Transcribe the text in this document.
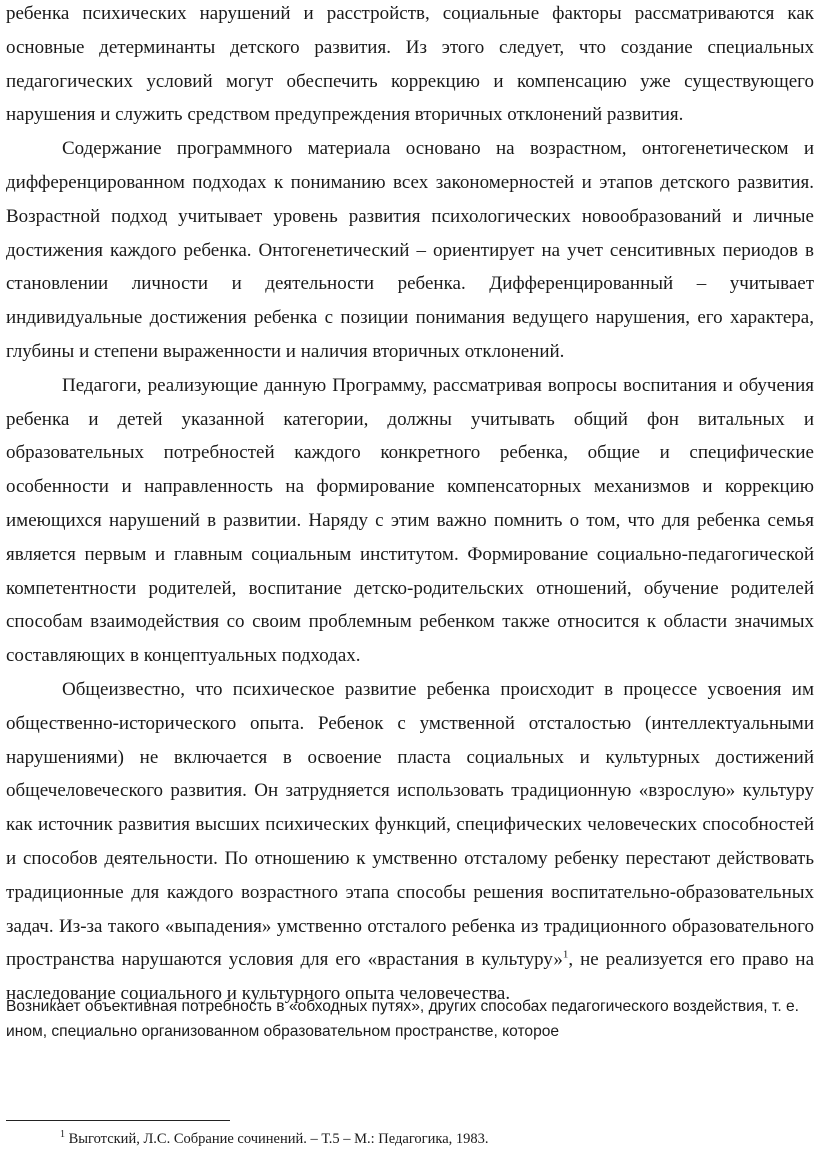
ребенка психических нарушений и расстройств, социальные факторы рассматриваются как основные детерминанты детского развития. Из этого следует, что создание специальных педагогических условий могут обеспечить коррекцию и компенсацию уже существующего нарушения и служить средством предупреждения вторичных отклонений развития.

Содержание программного материала основано на возрастном, онтогенетическом и дифференцированном подходах к пониманию всех закономерностей и этапов детского развития. Возрастной подход учитывает уровень развития психологических новообразований и личные достижения каждого ребенка. Онтогенетический – ориентирует на учет сенситивных периодов в становлении личности и деятельности ребенка. Дифференцированный – учитывает индивидуальные достижения ребенка с позиции понимания ведущего нарушения, его характера, глубины и степени выраженности и наличия вторичных отклонений.

Педагоги, реализующие данную Программу, рассматривая вопросы воспитания и обучения ребенка и детей указанной категории, должны учитывать общий фон витальных и образовательных потребностей каждого конкретного ребенка, общие и специфические особенности и направленность на формирование компенсаторных механизмов и коррекцию имеющихся нарушений в развитии. Наряду с этим важно помнить о том, что для ребенка семья является первым и главным социальным институтом. Формирование социально-педагогической компетентности родителей, воспитание детско-родительских отношений, обучение родителей способам взаимодействия со своим проблемным ребенком также относится к области значимых составляющих в концептуальных подходах.

Общеизвестно, что психическое развитие ребенка происходит в процессе усвоения им общественно-исторического опыта. Ребенок с умственной отсталостью (интеллектуальными нарушениями) не включается в освоение пласта социальных и культурных достижений общечеловеческого развития. Он затрудняется использовать традиционную «взрослую» культуру как источник развития высших психических функций, специфических человеческих способностей и способов деятельности. По отношению к умственно отсталому ребенку перестают действовать традиционные для каждого возрастного этапа способы решения воспитательно-образовательных задач. Из-за такого «выпадения» умственно отсталого ребенка из традиционного образовательного пространства нарушаются условия для его «врастания в культуру»$^1$, не реализуется его право на наследование социального и культурного опыта человечества.

Возникает объективная потребность в «обходных путях», других способах педагогического воздействия, т. е. ином, специально организованном образовательном пространстве, которое

$^1$ Выготский, Л.С. Собрание сочинений. – Т.5 – М.: Педагогика, 1983.
